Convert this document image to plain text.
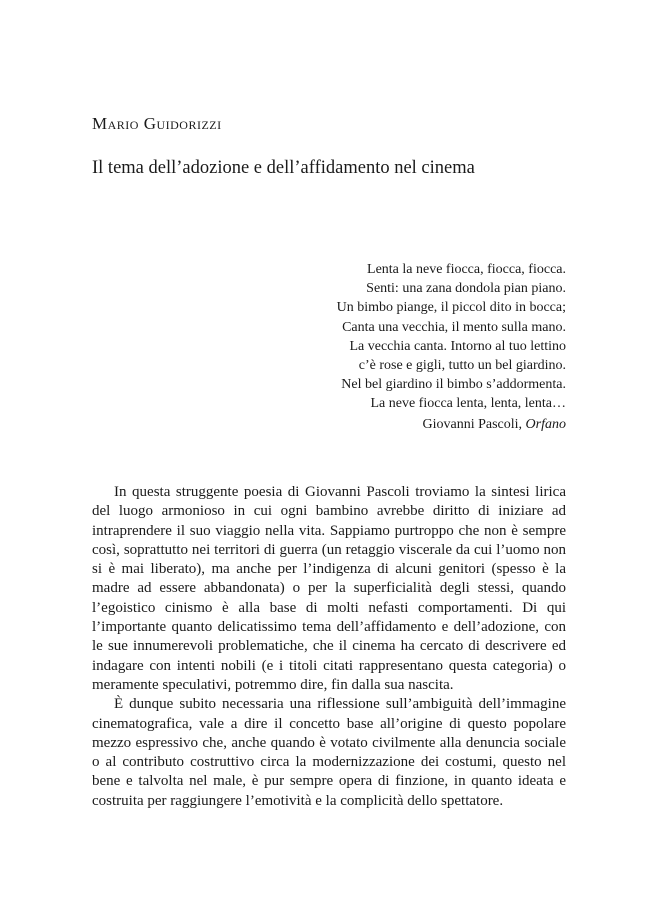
Mario Guidorizzi
Il tema dell’adozione e dell’affidamento nel cinema
Lenta la neve fiocca, fiocca, fiocca.
Senti: una zana dondola pian piano.
Un bimbo piange, il piccol dito in bocca;
Canta una vecchia, il mento sulla mano.
La vecchia canta. Intorno al tuo lettino
c’è rose e gigli, tutto un bel giardino.
Nel bel giardino il bimbo s’addormenta.
La neve fiocca lenta, lenta, lenta…
Giovanni Pascoli, Orfano

In questa struggente poesia di Giovanni Pascoli troviamo la sintesi lirica del luogo armonioso in cui ogni bambino avrebbe diritto di iniziare ad intraprendere il suo viaggio nella vita. Sappiamo purtroppo che non è sempre così, soprattutto nei territori di guerra (un retaggio viscerale da cui l’uomo non si è mai liberato), ma anche per l’indigenza di alcuni genitori (spesso è la madre ad essere abbandonata) o per la superficialità degli stessi, quando l’egoistico cinismo è alla base di molti nefasti comportamenti. Di qui l’importante quanto delicatissimo tema dell’affidamento e dell’adozione, con le sue innumerevoli problematiche, che il cinema ha cercato di descrivere ed indagare con intenti nobili (e i titoli citati rappresentano questa categoria) o meramente speculativi, potremmo dire, fin dalla sua nascita.

È dunque subito necessaria una riflessione sull’ambiguità dell’immagine cinematografica, vale a dire il concetto base all’origine di questo popolare mezzo espressivo che, anche quando è votato civilmente alla denuncia sociale o al contributo costruttivo circa la modernizzazione dei costumi, questo nel bene e talvolta nel male, è pur sempre opera di finzione, in quanto ideata e costruita per raggiungere l’emotività e la complicità dello spettatore.
